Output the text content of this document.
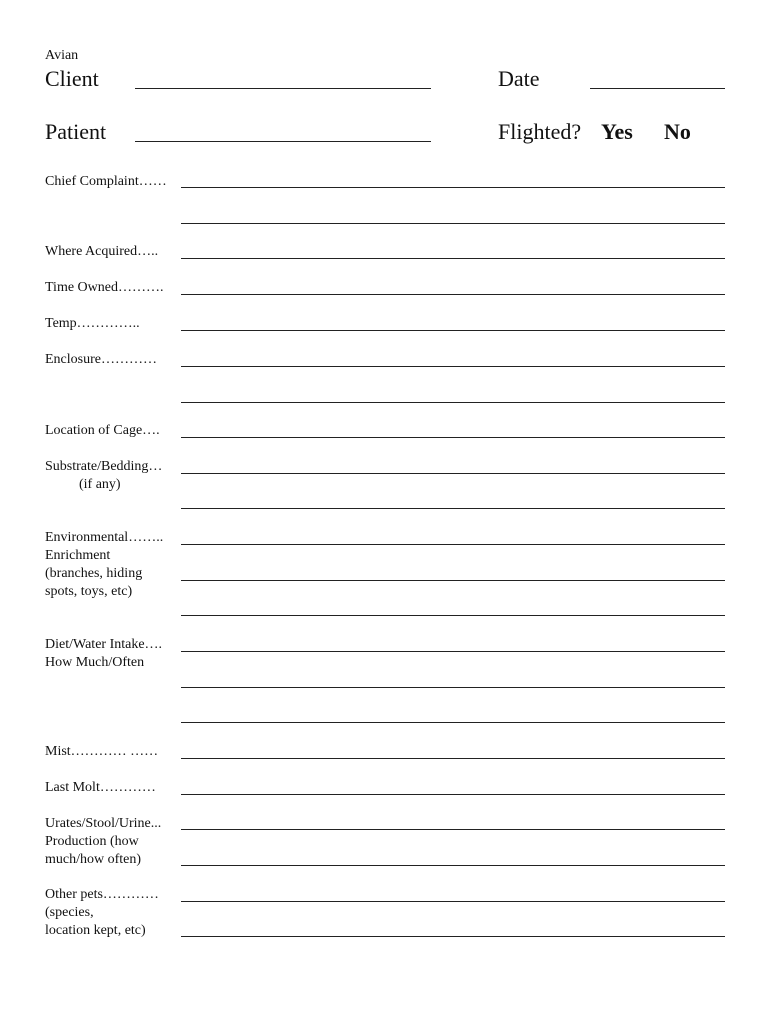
Avian
Client	Date
Patient	Flighted? Yes No
Chief Complaint……
Where Acquired…..
Time Owned……….
Temp…………..
Enclosure…………
Location of Cage….
Substrate/Bedding…
(if any)
Environmental……..
Enrichment
(branches, hiding
spots, toys, etc)
Diet/Water Intake….
How Much/Often
Mist………… ……
Last Molt…………
Urates/Stool/Urine...
Production (how
much/how often)
Other pets…………
(species,
location kept, etc)
